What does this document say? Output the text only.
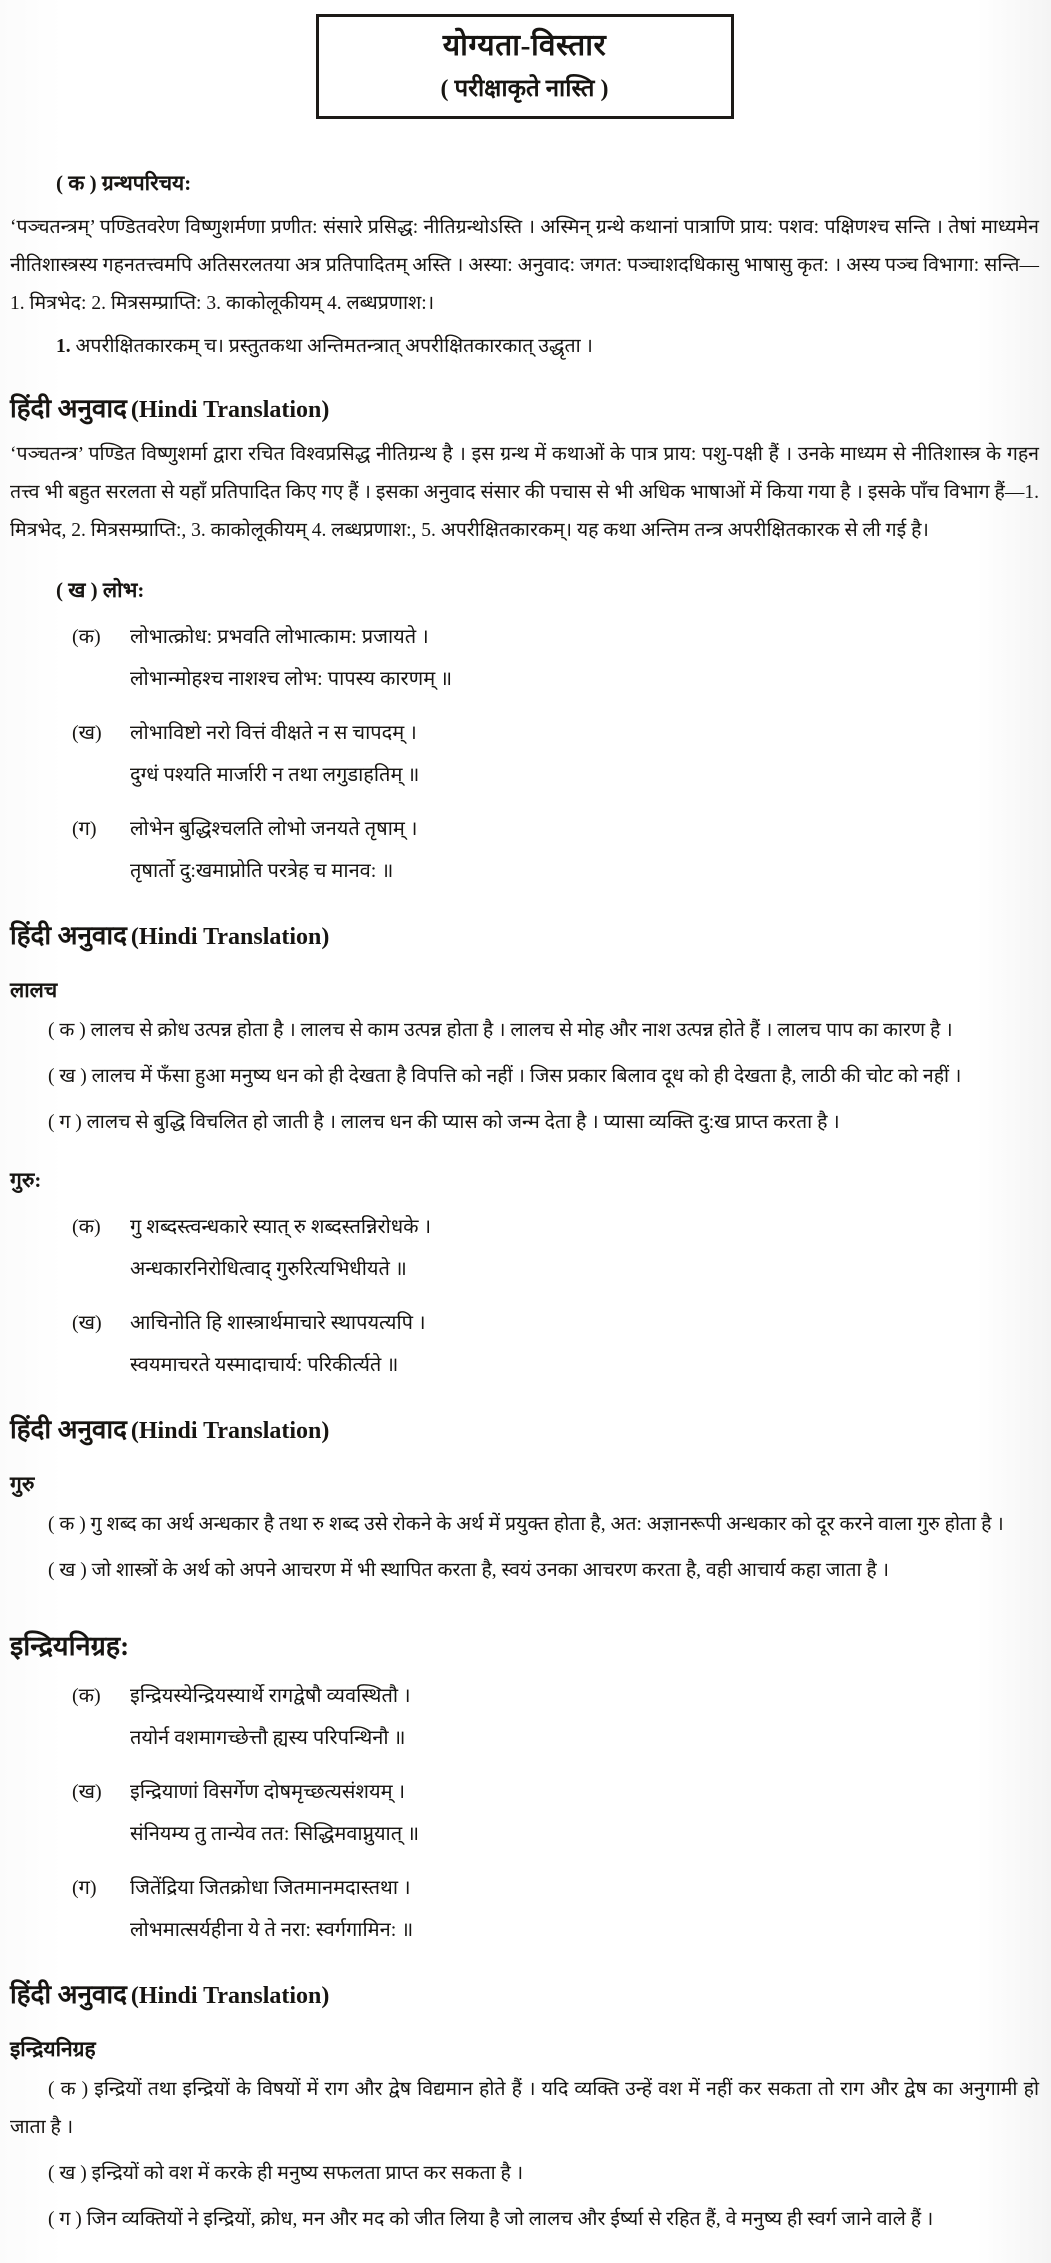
योग्यता-विस्तार
( परीक्षाकृते नास्ति )
( क ) ग्रन्थपरिचय:

‘पञ्चतन्त्रम्’ पण्डितवरेण विष्णुशर्मणा प्रणीत: संसारे प्रसिद्ध: नीतिग्रन्थोऽस्ति । अस्मिन् ग्रन्थे कथानां पात्राणि प्राय: पशव: पक्षिणश्च सन्ति । तेषां माध्यमेन नीतिशास्त्रस्य गहनतत्त्वमपि अतिसरलतया अत्र प्रतिपादितम् अस्ति । अस्या: अनुवाद: जगत: पञ्चाशदधिकासु भाषासु कृत: । अस्य पञ्च विभागा: सन्ति—1. मित्रभेद: 2. मित्रसम्प्राप्ति: 3. काकोलूकीयम् 4. लब्धप्रणाश:।

1. अपरीक्षितकारकम् च। प्रस्तुतकथा अन्तिमतन्त्रात् अपरीक्षितकारकात् उद्धृता ।
हिंदी अनुवाद (Hindi Translation)

‘पञ्चतन्त्र’ पण्डित विष्णुशर्मा द्वारा रचित विश्वप्रसिद्ध नीतिग्रन्थ है । इस ग्रन्थ में कथाओं के पात्र प्राय: पशु-पक्षी हैं । उनके माध्यम से नीतिशास्त्र के गहन तत्त्व भी बहुत सरलता से यहाँ प्रतिपादित किए गए हैं । इसका अनुवाद संसार की पचास से भी अधिक भाषाओं में किया गया है । इसके पाँच विभाग हैं—1. मित्रभेद, 2. मित्रसम्प्राप्ति:, 3. काकोलूकीयम् 4. लब्धप्रणाश:, 5. अपरीक्षितकारकम्। यह कथा अन्तिम तन्त्र अपरीक्षितकारक से ली गई है।

( ख ) लोभ:
(क)	लोभात्क्रोध: प्रभवति लोभात्काम: प्रजायते ।
लोभान्मोहश्च नाशश्च लोभ: पापस्य कारणम् ॥
(ख)	लोभाविष्टो नरो वित्तं वीक्षते न स चापदम् ।
दुग्धं पश्यति मार्जारी न तथा लगुडाहतिम् ॥
(ग)	लोभेन बुद्धिश्चलति लोभो जनयते तृषाम् ।
तृषार्तो दु:खमाप्नोति परत्रेह च मानव: ॥
हिंदी अनुवाद (Hindi Translation)
लालच

( क ) लालच से क्रोध उत्पन्न होता है । लालच से काम उत्पन्न होता है । लालच से मोह और नाश उत्पन्न होते हैं । लालच पाप का कारण है ।

( ख ) लालच में फँसा हुआ मनुष्य धन को ही देखता है विपत्ति को नहीं । जिस प्रकार बिलाव दूध को ही देखता है, लाठी की चोट को नहीं ।

( ग ) लालच से बुद्धि विचलित हो जाती है । लालच धन की प्यास को जन्म देता है । प्यासा व्यक्ति दु:ख प्राप्त करता है ।

गुरु:
(क)	गु शब्दस्त्वन्धकारे स्यात् रु शब्दस्तन्निरोधके ।
अन्धकारनिरोधित्वाद् गुरुरित्यभिधीयते ॥
(ख)	आचिनोति हि शास्त्रार्थमाचारे स्थापयत्यपि ।
स्वयमाचरते यस्मादाचार्य: परिकीर्त्यते ॥
हिंदी अनुवाद (Hindi Translation)
गुरु

( क ) गु शब्द का अर्थ अन्धकार है तथा रु शब्द उसे रोकने के अर्थ में प्रयुक्त होता है, अत: अज्ञानरूपी अन्धकार को दूर करने वाला गुरु होता है ।

( ख ) जो शास्त्रों के अर्थ को अपने आचरण में भी स्थापित करता है, स्वयं उनका आचरण करता है, वही आचार्य कहा जाता है ।

इन्द्रियनिग्रह:
(क)	इन्द्रियस्येन्द्रियस्यार्थे रागद्वेषौ व्यवस्थितौ ।
तयोर्न वशमागच्छेत्तौ ह्यस्य परिपन्थिनौ ॥
(ख)	इन्द्रियाणां विसर्गेण दोषमृच्छत्यसंशयम् ।
संनियम्य तु तान्येव तत: सिद्धिमवाप्नुयात् ॥
(ग)	जितेंद्रिया जितक्रोधा जितमानमदास्तथा ।
लोभमात्सर्यहीना ये ते नरा: स्वर्गगामिन: ॥
हिंदी अनुवाद (Hindi Translation)
इन्द्रियनिग्रह

( क ) इन्द्रियों तथा इन्द्रियों के विषयों में राग और द्वेष विद्यमान होते हैं । यदि व्यक्ति उन्हें वश में नहीं कर सकता तो राग और द्वेष का अनुगामी हो जाता है ।

( ख ) इन्द्रियों को वश में करके ही मनुष्य सफलता प्राप्त कर सकता है ।

( ग ) जिन व्यक्तियों ने इन्द्रियों, क्रोध, मन और मद को जीत लिया है जो लालच और ईर्ष्या से रहित हैं, वे मनुष्य ही स्वर्ग जाने वाले हैं ।
